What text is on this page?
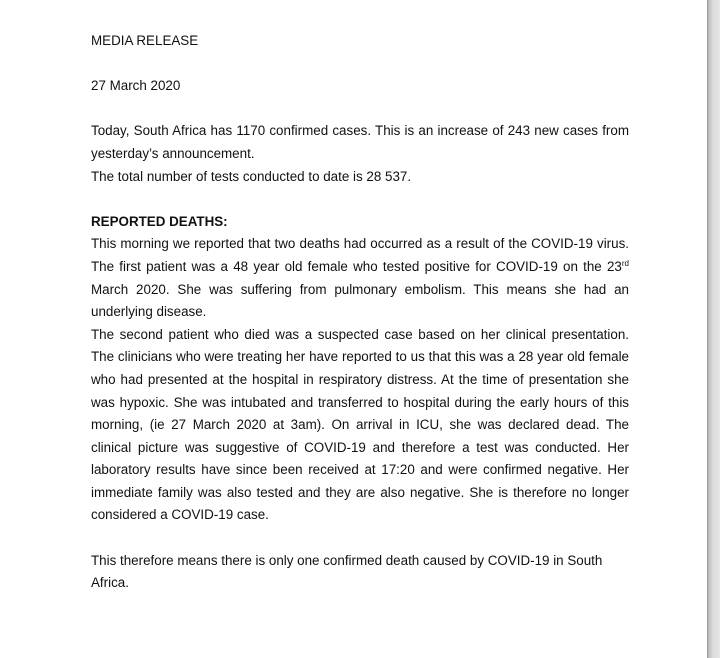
MEDIA RELEASE

27 March 2020

Today, South Africa has 1170 confirmed cases. This is an increase of 243 new cases from yesterday’s announcement.

The total number of tests conducted to date is 28 537.

REPORTED DEATHS:

This morning we reported that two deaths had occurred as a result of the COVID-19 virus. The first patient was a 48 year old female who tested positive for COVID-19 on the 23rd March 2020. She was suffering from pulmonary embolism. This means she had an underlying disease.

The second patient who died was a suspected case based on her clinical presentation. The clinicians who were treating her have reported to us that this was a 28 year old female who had presented at the hospital in respiratory distress. At the time of presentation she was hypoxic. She was intubated and transferred to hospital during the early hours of this morning, (ie 27 March 2020 at 3am). On arrival in ICU, she was declared dead. The clinical picture was suggestive of COVID-19 and therefore a test was conducted. Her laboratory results have since been received at 17:20 and were confirmed negative. Her immediate family was also tested and they are also negative. She is therefore no longer considered a COVID-19 case.

This therefore means there is only one confirmed death caused by COVID-19 in South Africa.
